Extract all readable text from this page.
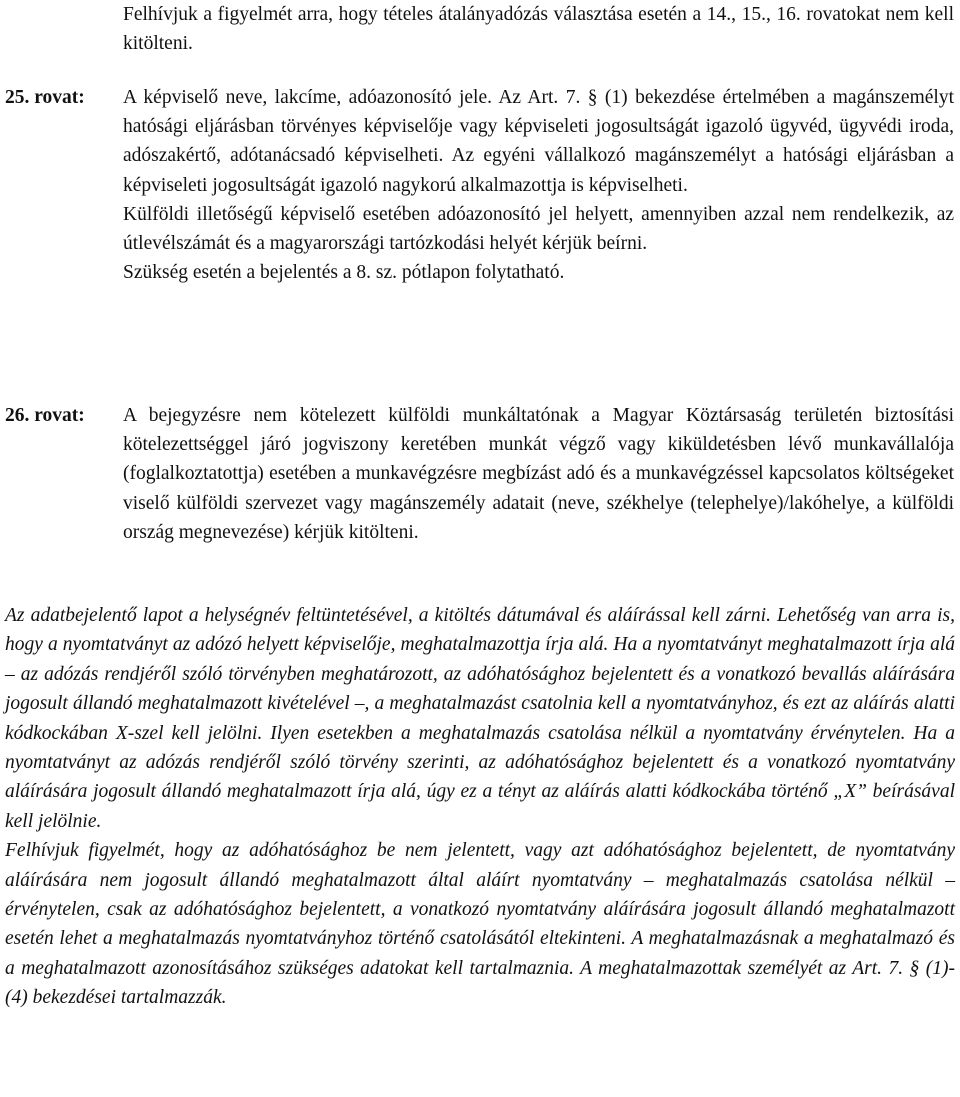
Felhívjuk a figyelmét arra, hogy tételes átalányadózás választása esetén a 14., 15., 16. rovatokat nem kell kitölteni.

25. rovat: A képviselő neve, lakcíme, adóazonosító jele. Az Art. 7. § (1) bekezdése értelmében a magánszemélyt hatósági eljárásban törvényes képviselője vagy képviseleti jogosultságát igazoló ügyvéd, ügyvédi iroda, adószakértő, adótanácsadó képviselheti. Az egyéni vállalkozó magánszemélyt a hatósági eljárásban a képviseleti jogosultságát igazoló nagykorú alkalmazottja is képviselheti.

Külföldi illetőségű képviselő esetében adóazonosító jel helyett, amennyiben azzal nem rendelkezik, az útlevélszámát és a magyarországi tartózkodási helyét kérjük beírni.

Szükség esetén a bejelentés a 8. sz. pótlapon folytatható.

26. rovat: A bejegyzésre nem kötelezett külföldi munkáltatónak a Magyar Köztársaság területén biztosítási kötelezettséggel járó jogviszony keretében munkát végző vagy kiküldetésben lévő munkavállalója (foglalkoztatottja) esetében a munkavégzésre megbízást adó és a munkavégzéssel kapcsolatos költségeket viselő külföldi szervezet vagy magánszemély adatait (neve, székhelye (telephelye)/lakóhelye, a külföldi ország megnevezése) kérjük kitölteni.

Az adatbejelentő lapot a helységnév feltüntetésével, a kitöltés dátumával és aláírással kell zárni. Lehetőség van arra is, hogy a nyomtatványt az adózó helyett képviselője, meghatalmazottja írja alá. Ha a nyomtatványt meghatalmazott írja alá – az adózás rendjéről szóló törvényben meghatározott, az adóhatósághoz bejelentett és a vonatkozó bevallás aláírására jogosult állandó meghatalmazott kivételével –, a meghatalmazást csatolnia kell a nyomtatványhoz, és ezt az aláírás alatti kódkockában X-szel kell jelölni. Ilyen esetekben a meghatalmazás csatolása nélkül a nyomtatvány érvénytelen. Ha a nyomtatványt az adózás rendjéről szóló törvény szerinti, az adóhatósághoz bejelentett és a vonatkozó nyomtatvány aláírására jogosult állandó meghatalmazott írja alá, úgy ez a tényt az aláírás alatti kódkockába történő „X” beírásával kell jelölnie.

Felhívjuk figyelmét, hogy az adóhatósághoz be nem jelentett, vagy azt adóhatósághoz bejelentett, de nyomtatvány aláírására nem jogosult állandó meghatalmazott által aláírt nyomtatvány – meghatalmazás csatolása nélkül – érvénytelen, csak az adóhatósághoz bejelentett, a vonatkozó nyomtatvány aláírására jogosult állandó meghatalmazott esetén lehet a meghatalmazás nyomtatványhoz történő csatolásától eltekinteni. A meghatalmazásnak a meghatalmazó és a meghatalmazott azonosításához szükséges adatokat kell tartalmaznia. A meghatalmazottak személyét az Art. 7. § (1)-(4) bekezdései tartalmazzák.
